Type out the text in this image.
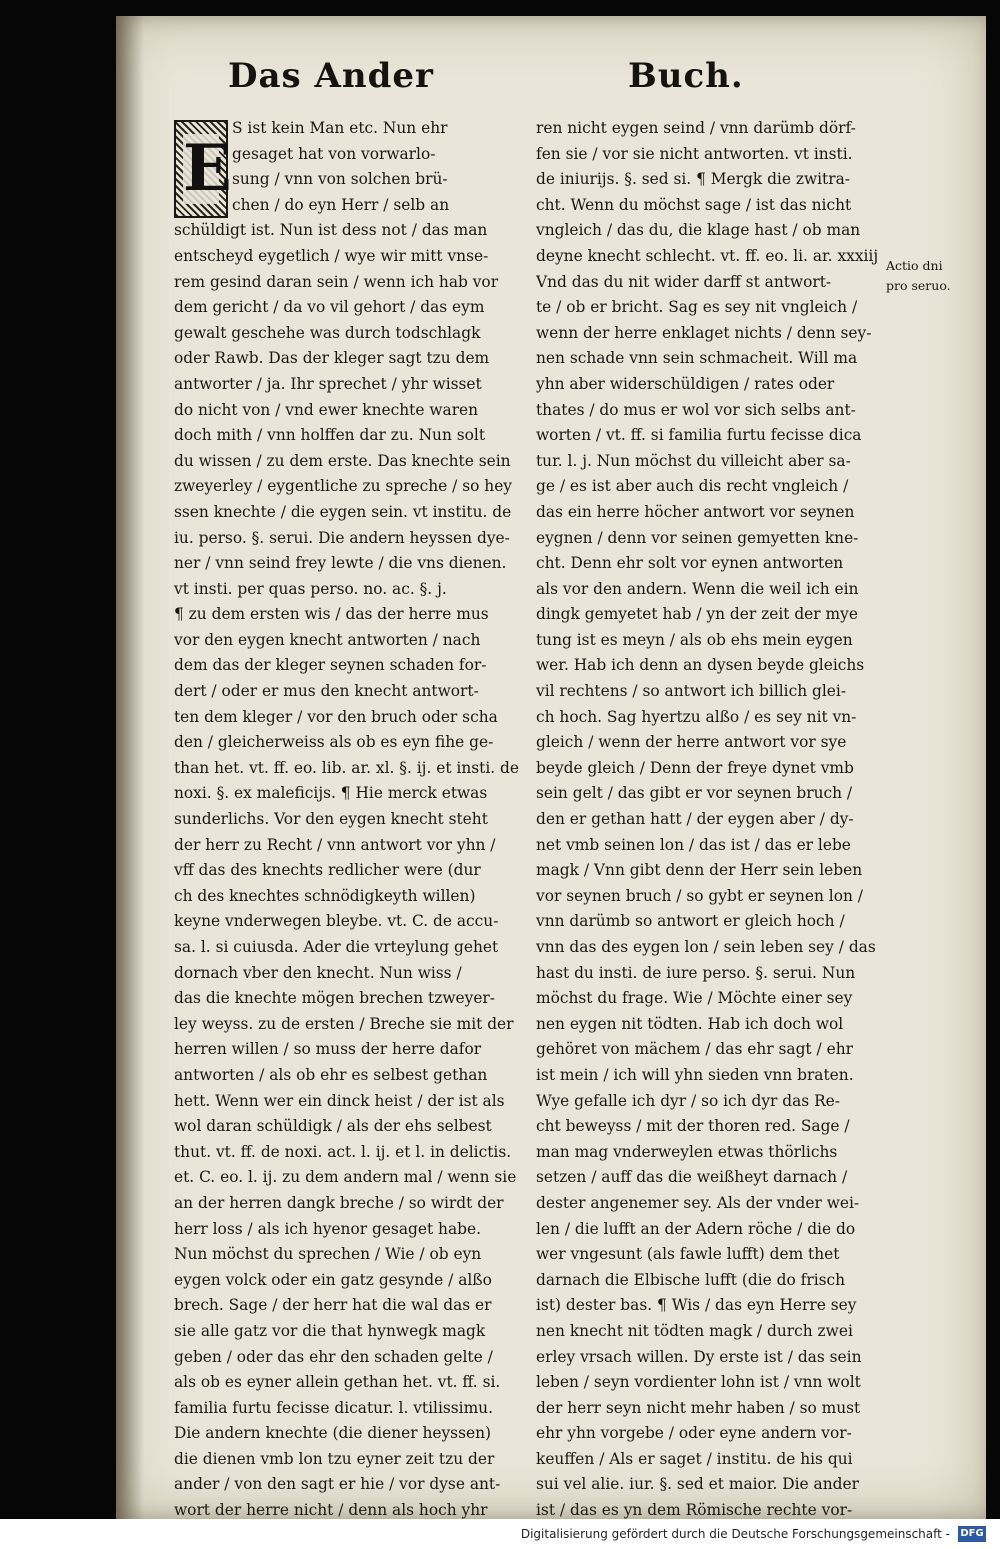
Das Ander	Buch.
E
S ist kein Man etc. Nun ehr
gesaget hat von vorwarlo-
sung / vnn von solchen brü-
chen / do eyn Herr / selb an
schüldigt ist. Nun ist dess not / das man
entscheyd eygetlich / wye wir mitt vnse-
rem gesind daran sein / wenn ich hab vor
dem gericht / da vo vil gehort / das eym
gewalt geschehe was durch todschlagk
oder Rawb. Das der kleger sagt tzu dem
antworter / ja. Ihr sprechet / yhr wisset
do nicht von / vnd ewer knechte waren
doch mith / vnn holffen dar zu. Nun solt
du wissen / zu dem erste. Das knechte sein
zweyerley / eygentliche zu spreche / so hey
ssen knechte / die eygen sein. vt institu. de
iu. perso. §. serui. Die andern heyssen dye-
ner / vnn seind frey lewte / die vns dienen.
vt insti. per quas perso. no. ac. §. j.
¶ zu dem ersten wis / das der herre mus
vor den eygen knecht antworten / nach
dem das der kleger seynen schaden for-
dert / oder er mus den knecht antwort-
ten dem kleger / vor den bruch oder scha
den / gleicherweiss als ob es eyn fihe ge-
than het. vt. ff. eo. lib. ar. xl. §. ij. et insti. de
noxi. §. ex maleficijs. ¶ Hie merck etwas
sunderlichs. Vor den eygen knecht steht
der herr zu Recht / vnn antwort vor yhn /
vff das des knechts redlicher were (dur
ch des knechtes schnödigkeyth willen)
keyne vnderwegen bleybe. vt. C. de accu-
sa. l. si cuiusda. Ader die vrteylung gehet
dornach vber den knecht. Nun wiss /
das die knechte mögen brechen tzweyer-
ley weyss. zu de ersten / Breche sie mit der
herren willen / so muss der herre dafor
antworten / als ob ehr es selbest gethan
hett. Wenn wer ein dinck heist / der ist als
wol daran schüldigk / als der ehs selbest
thut. vt. ff. de noxi. act. l. ij. et l. in delictis.
et. C. eo. l. ij. zu dem andern mal / wenn sie
an der herren dangk breche / so wirdt der
herr loss / als ich hyenor gesaget habe.
Nun möchst du sprechen / Wie / ob eyn
eygen volck oder ein gatz gesynde / alßo
brech. Sage / der herr hat die wal das er
sie alle gatz vor die that hynwegk magk
geben / oder das ehr den schaden gelte /
als ob es eyner allein gethan het. vt. ff. si.
familia furtu fecisse dicatur. l. vtilissimu.
Die andern knechte (die diener heyssen)
die dienen vmb lon tzu eyner zeit tzu der
ander / von den sagt er hie / vor dyse ant-
wort der herre nicht / denn als hoch yhr
ren nicht eygen seind / vnn darümb dörf-
fen sie / vor sie nicht antworten. vt insti.
de iniurijs. §. sed si. ¶ Mergk die zwitra-
cht. Wenn du möchst sage / ist das nicht
vngleich / das du, die klage hast / ob man
deyne knecht schlecht. vt. ff. eo. li. ar. xxxiij
Vnd das du nit wider darff st antwort-
te / ob er bricht. Sag es sey nit vngleich /
wenn der herre enklaget nichts / denn sey-
nen schade vnn sein schmacheit. Will ma
yhn aber widerschüldigen / rates oder
thates / do mus er wol vor sich selbs ant-
worten / vt. ff. si familia furtu fecisse dica
tur. l. j. Nun möchst du villeicht aber sa-
ge / es ist aber auch dis recht vngleich /
das ein herre höcher antwort vor seynen
eygnen / denn vor seinen gemyetten kne-
cht. Denn ehr solt vor eynen antworten
als vor den andern. Wenn die weil ich ein
dingk gemyetet hab / yn der zeit der mye
tung ist es meyn / als ob ehs mein eygen
wer. Hab ich denn an dysen beyde gleichs
vil rechtens / so antwort ich billich glei-
ch hoch. Sag hyertzu alßo / es sey nit vn-
gleich / wenn der herre antwort vor sye
beyde gleich / Denn der freye dynet vmb
sein gelt / das gibt er vor seynen bruch /
den er gethan hatt / der eygen aber / dy-
net vmb seinen lon / das ist / das er lebe
magk / Vnn gibt denn der Herr sein leben
vor seynen bruch / so gybt er seynen lon /
vnn darümb so antwort er gleich hoch /
vnn das des eygen lon / sein leben sey / das
hast du insti. de iure perso. §. serui. Nun
möchst du frage. Wie / Möchte einer sey
nen eygen nit tödten. Hab ich doch wol
gehöret von mächem / das ehr sagt / ehr
ist mein / ich will yhn sieden vnn braten.
Wye gefalle ich dyr / so ich dyr das Re-
cht beweyss / mit der thoren red. Sage /
man mag vnderweylen etwas thörlichs
setzen / auff das die weißheyt darnach /
dester angenemer sey. Als der vnder wei-
len / die lufft an der Adern röche / die do
wer vngesunt (als fawle lufft) dem thet
darnach die Elbische lufft (die do frisch
ist) dester bas. ¶ Wis / das eyn Herre sey
nen knecht nit tödten magk / durch zwei
erley vrsach willen. Dy erste ist / das sein
leben / seyn vordienter lohn ist / vnn wolt
der herr seyn nicht mehr haben / so must
ehr yhn vorgebe / oder eyne andern vor-
keuffen / Als er saget / institu. de his qui
sui vel alie. iur. §. sed et maior. Die ander
ist / das es yn dem Römische rechte vor-
Actio dni
pro seruo.
Digitalisierung gefördert durch die Deutsche Forschungsgemeinschaft - DFG
